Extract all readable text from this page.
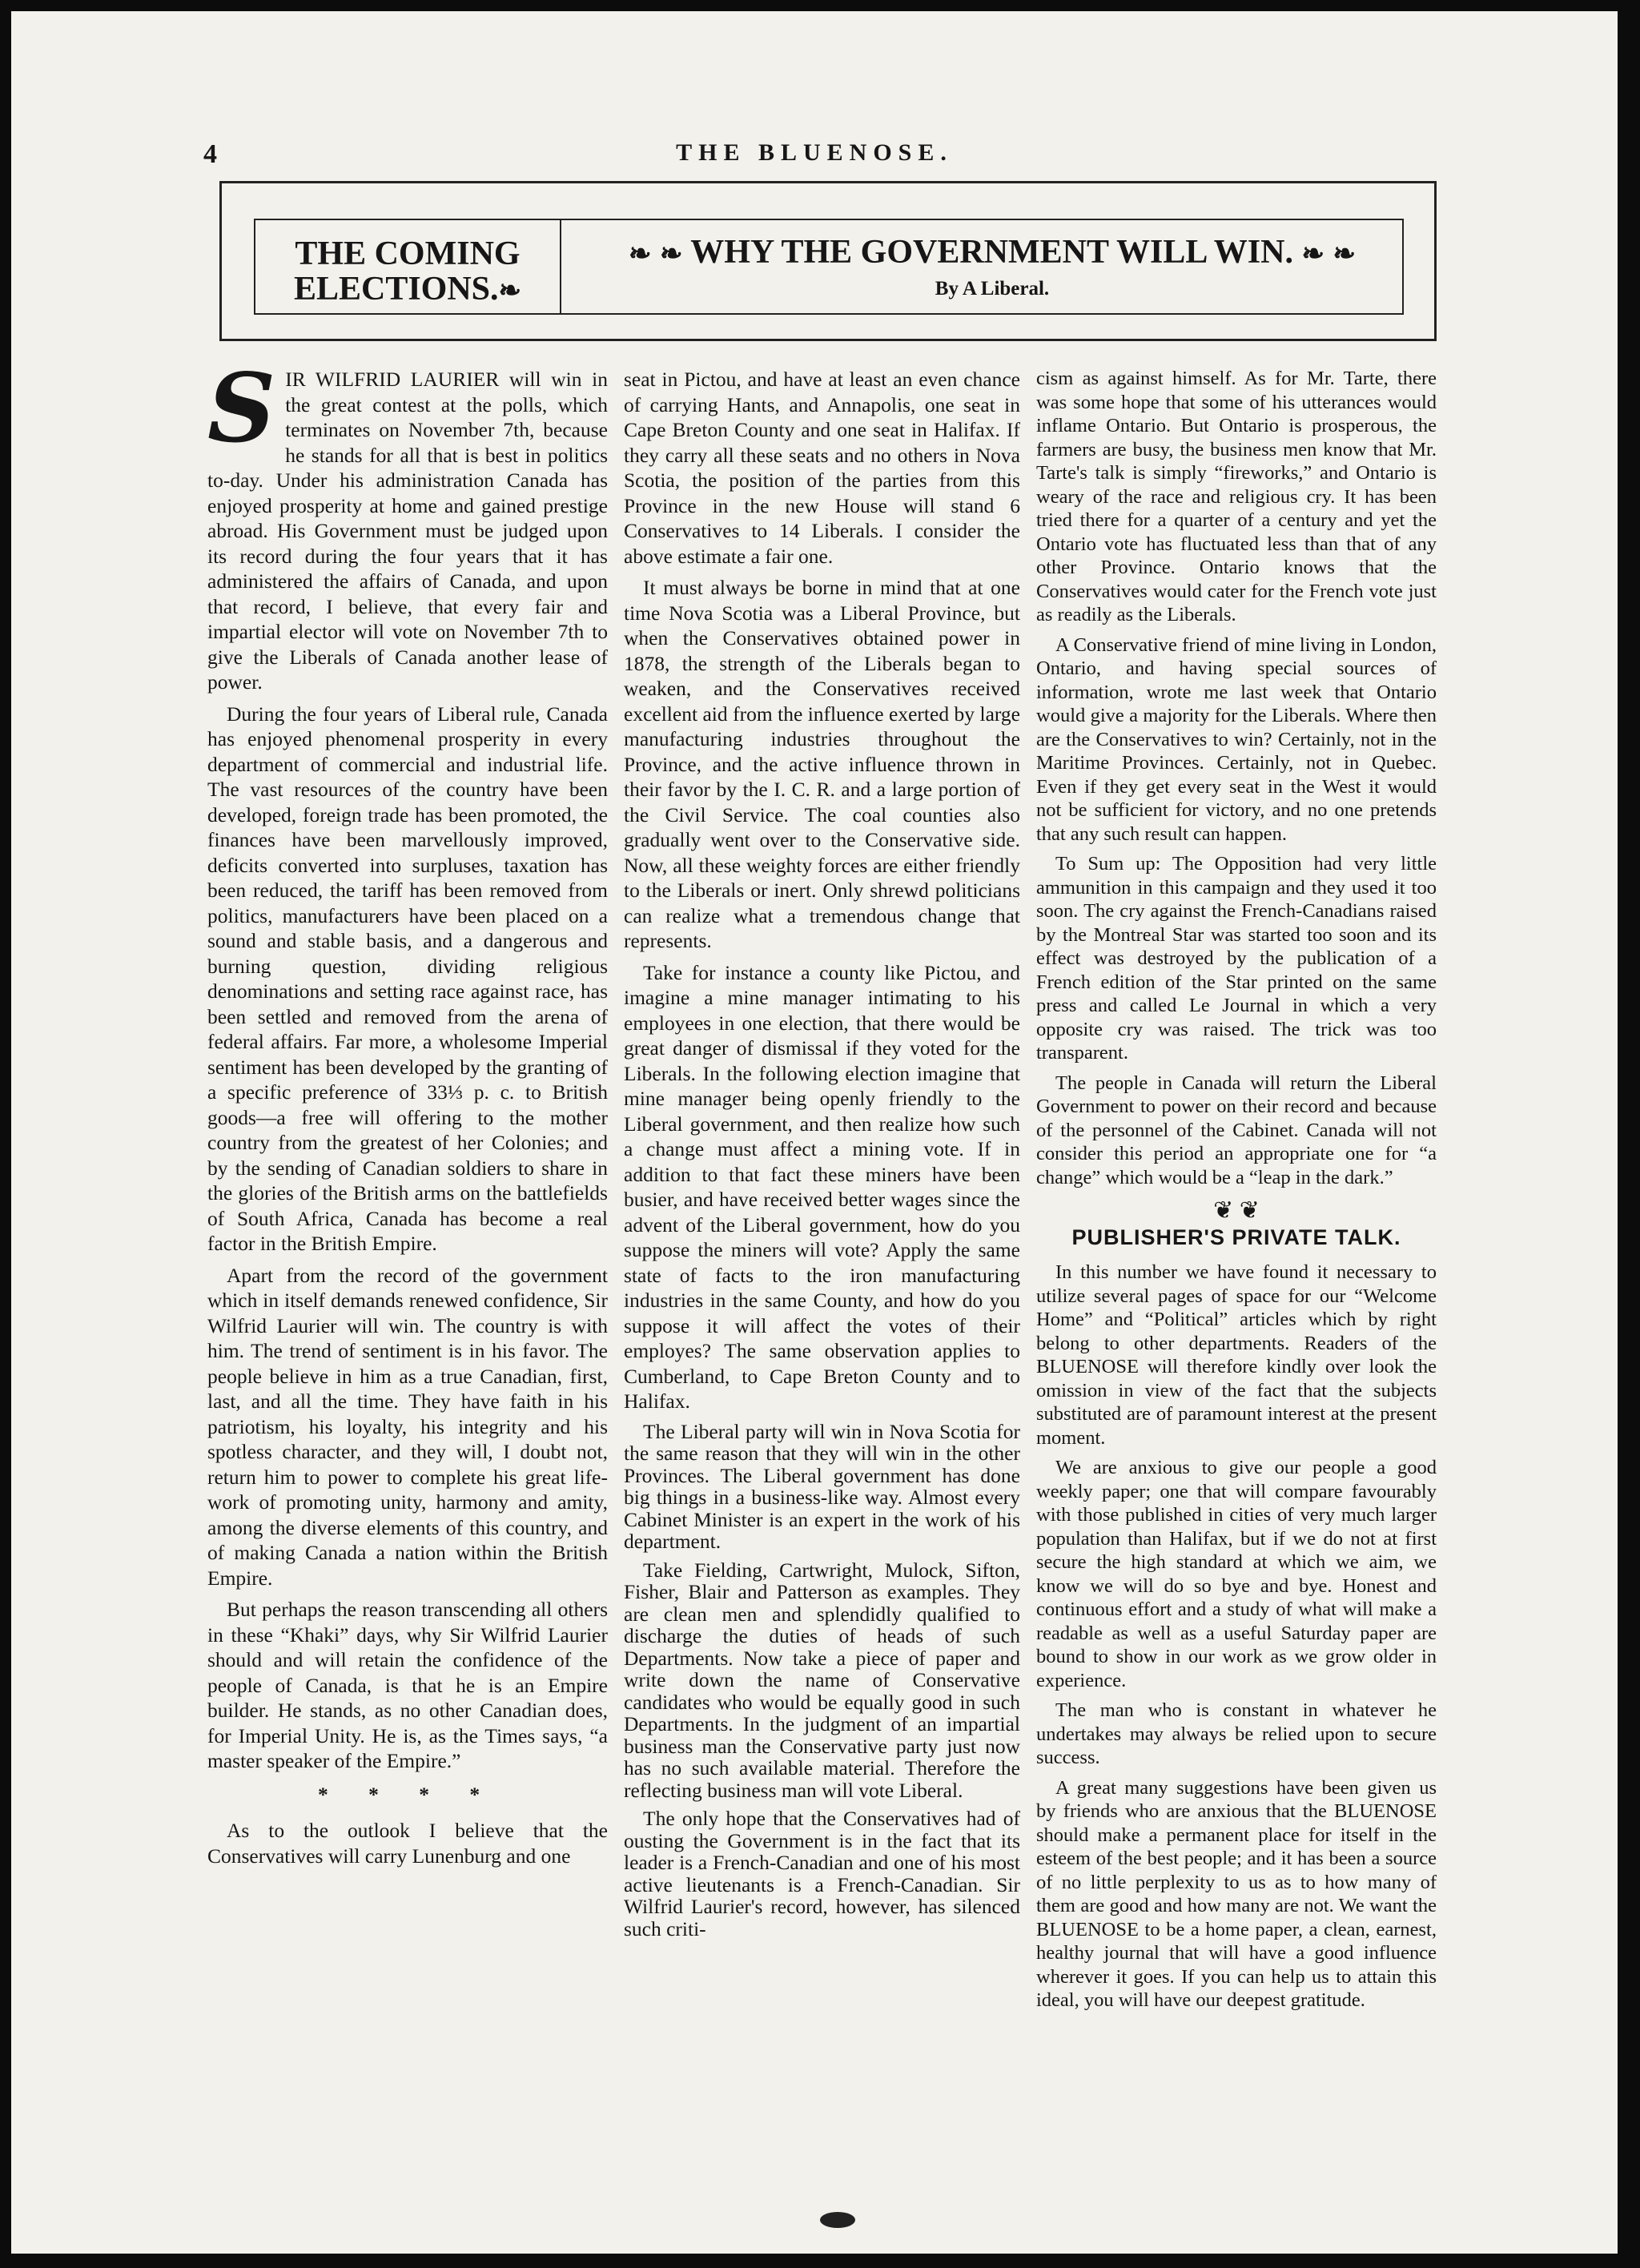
4	THE BLUENOSE.
THE COMING
ELECTIONS.❧
❧ ❧ WHY THE GOVERNMENT WILL WIN. ❧ ❧
By A Liberal.

SIR WILFRID LAURIER will win in the great contest at the polls, which terminates on November 7th, because he stands for all that is best in politics to-day. Under his administration Canada has enjoyed prosperity at home and gained prestige abroad. His Government must be judged upon its record during the four years that it has administered the affairs of Canada, and upon that record, I believe, that every fair and impartial elector will vote on November 7th to give the Liberals of Canada another lease of power.

During the four years of Liberal rule, Canada has enjoyed phenomenal prosperity in every department of commercial and industrial life. The vast resources of the country have been developed, foreign trade has been promoted, the finances have been marvellously improved, deficits converted into surpluses, taxation has been reduced, the tariff has been removed from politics, manufacturers have been placed on a sound and stable basis, and a dangerous and burning question, dividing religious denominations and setting race against race, has been settled and removed from the arena of federal affairs. Far more, a wholesome Imperial sentiment has been developed by the granting of a specific preference of 33⅓ p. c. to British goods—a free will offering to the mother country from the greatest of her Colonies; and by the sending of Canadian soldiers to share in the glories of the British arms on the battlefields of South Africa, Canada has become a real factor in the British Empire.

Apart from the record of the government which in itself demands renewed confidence, Sir Wilfrid Laurier will win. The country is with him. The trend of sentiment is in his favor. The people believe in him as a true Canadian, first, last, and all the time. They have faith in his patriotism, his loyalty, his integrity and his spotless character, and they will, I doubt not, return him to power to complete his great life-work of promoting unity, harmony and amity, among the diverse elements of this country, and of making Canada a nation within the British Empire.

But perhaps the reason transcending all others in these “Khaki” days, why Sir Wilfrid Laurier should and will retain the confidence of the people of Canada, is that he is an Empire builder. He stands, as no other Canadian does, for Imperial Unity. He is, as the Times says, “a master speaker of the Empire.”

* * * *

As to the outlook I believe that the Conservatives will carry Lunenburg and one

seat in Pictou, and have at least an even chance of carrying Hants, and Annapolis, one seat in Cape Breton County and one seat in Halifax. If they carry all these seats and no others in Nova Scotia, the position of the parties from this Province in the new House will stand 6 Conservatives to 14 Liberals. I consider the above estimate a fair one.

It must always be borne in mind that at one time Nova Scotia was a Liberal Province, but when the Conservatives obtained power in 1878, the strength of the Liberals began to weaken, and the Conservatives received excellent aid from the influence exerted by large manufacturing industries throughout the Province, and the active influence thrown in their favor by the I. C. R. and a large portion of the Civil Service. The coal counties also gradually went over to the Conservative side. Now, all these weighty forces are either friendly to the Liberals or inert. Only shrewd politicians can realize what a tremendous change that represents.

Take for instance a county like Pictou, and imagine a mine manager intimating to his employees in one election, that there would be great danger of dismissal if they voted for the Liberals. In the following election imagine that mine manager being openly friendly to the Liberal government, and then realize how such a change must affect a mining vote. If in addition to that fact these miners have been busier, and have received better wages since the advent of the Liberal government, how do you suppose the miners will vote? Apply the same state of facts to the iron manufacturing industries in the same County, and how do you suppose it will affect the votes of their employes? The same observation applies to Cumberland, to Cape Breton County and to Halifax.

The Liberal party will win in Nova Scotia for the same reason that they will win in the other Provinces. The Liberal government has done big things in a business-like way. Almost every Cabinet Minister is an expert in the work of his department.

Take Fielding, Cartwright, Mulock, Sifton, Fisher, Blair and Patterson as examples. They are clean men and splendidly qualified to discharge the duties of heads of such Departments. Now take a piece of paper and write down the name of Conservative candidates who would be equally good in such Departments. In the judgment of an impartial business man the Conservative party just now has no such available material. Therefore the reflecting business man will vote Liberal.

The only hope that the Conservatives had of ousting the Government is in the fact that its leader is a French-Canadian and one of his most active lieutenants is a French-Canadian. Sir Wilfrid Laurier's record, however, has silenced such criti-

cism as against himself. As for Mr. Tarte, there was some hope that some of his utterances would inflame Ontario. But Ontario is prosperous, the farmers are busy, the business men know that Mr. Tarte's talk is simply “fireworks,” and Ontario is weary of the race and religious cry. It has been tried there for a quarter of a century and yet the Ontario vote has fluctuated less than that of any other Province. Ontario knows that the Conservatives would cater for the French vote just as readily as the Liberals.

A Conservative friend of mine living in London, Ontario, and having special sources of information, wrote me last week that Ontario would give a majority for the Liberals. Where then are the Conservatives to win? Certainly, not in the Maritime Provinces. Certainly, not in Quebec. Even if they get every seat in the West it would not be sufficient for victory, and no one pretends that any such result can happen.

To Sum up: The Opposition had very little ammunition in this campaign and they used it too soon. The cry against the French-Canadians raised by the Montreal Star was started too soon and its effect was destroyed by the publication of a French edition of the Star printed on the same press and called Le Journal in which a very opposite cry was raised. The trick was too transparent.

The people in Canada will return the Liberal Government to power on their record and because of the personnel of the Cabinet. Canada will not consider this period an appropriate one for “a change” which would be a “leap in the dark.”

❦ ❦
PUBLISHER'S PRIVATE TALK.

In this number we have found it necessary to utilize several pages of space for our “Welcome Home” and “Political” articles which by right belong to other departments. Readers of the BLUENOSE will therefore kindly over look the omission in view of the fact that the subjects substituted are of paramount interest at the present moment.

We are anxious to give our people a good weekly paper; one that will compare favourably with those published in cities of very much larger population than Halifax, but if we do not at first secure the high standard at which we aim, we know we will do so bye and bye. Honest and continuous effort and a study of what will make a readable as well as a useful Saturday paper are bound to show in our work as we grow older in experience.

The man who is constant in whatever he undertakes may always be relied upon to secure success.

A great many suggestions have been given us by friends who are anxious that the BLUENOSE should make a permanent place for itself in the esteem of the best people; and it has been a source of no little perplexity to us as to how many of them are good and how many are not. We want the BLUENOSE to be a home paper, a clean, earnest, healthy journal that will have a good influence wherever it goes. If you can help us to attain this ideal, you will have our deepest gratitude.
